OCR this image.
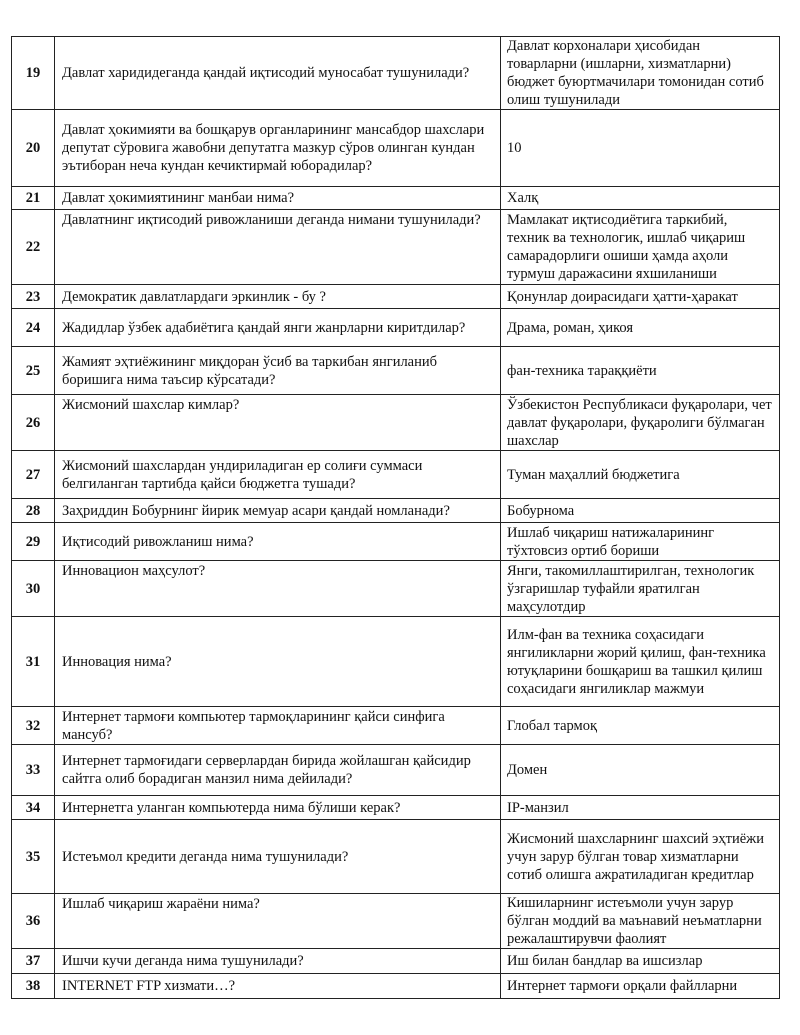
19	Давлат харидидеганда қандай иқтисодий муносабат тушунилади?	Давлат корхоналари ҳисобидан товарларни (ишларни, хизматларни) бюджет буюртмачилари томонидан сотиб олиш тушунилади
20	Давлат ҳокимияти ва бошқарув органларининг мансабдор шахслари депутат сўровига жавобни депутатга мазкур сўров олинган кундан эътиборан неча кундан кечиктирмай юборадилар?	10
21	Давлат ҳокимиятининг манбаи нима?	Халқ
22	Давлатнинг иқтисодий ривожланиши деганда нимани тушунилади?	Мамлакат иқтисодиётига таркибий, техник ва технологик, ишлаб чиқариш самарадорлиги ошиши ҳамда аҳоли турмуш даражасини яхшиланиши
23	Демократик давлатлардаги эркинлик - бу ?	Қонунлар доирасидаги ҳатти-ҳаракат
24	Жадидлар ўзбек адабиётига қандай янги жанрларни киритдилар?	Драма, роман, ҳикоя
25	Жамият эҳтиёжининг миқдоран ўсиб ва таркибан янгиланиб боришига нима таъсир кўрсатади?	фан-техника тараққиёти
26	Жисмоний шахслар кимлар?	Ўзбекистон Республикаси фуқаролари, чет давлат фуқаролари, фуқаролиги бўлмаган шахслар
27	Жисмоний шахслардан ундириладиган ер солиғи суммаси белгиланган тартибда қайси бюджетга тушади?	Туман маҳаллий бюджетига
28	Заҳриддин Бобурнинг йирик мемуар асари қандай номланади?	Бобурнома
29	Иқтисодий ривожланиш нима?	Ишлаб чиқариш натижаларининг тўхтовсиз ортиб бориши
30	Инновацион маҳсулот?	Янги, такомиллаштирилган, технологик ўзгаришлар туфайли яратилган маҳсулотдир
31	Инновация нима?	Илм-фан ва техника соҳасидаги янгиликларни жорий қилиш, фан-техника ютуқларини бошқариш ва ташкил қилиш соҳасидаги янгиликлар мажмуи
32	Интернет тармоғи компьютер тармоқларининг қайси синфига мансуб?	Глобал тармоқ
33	Интернет тармоғидаги серверлардан бирида жойлашган қайсидир сайтга олиб борадиган манзил нима дейилади?	Домен
34	Интернетга уланган компьютерда нима бўлиши керак?	IP-манзил
35	Истеъмол кредити деганда нима тушунилади?	Жисмоний шахсларнинг шахсий эҳтиёжи учун зарур бўлган товар хизматларни сотиб олишга ажратиладиган кредитлар
36	Ишлаб чиқариш жараёни нима?	Кишиларнинг истеъмоли учун зарур бўлган моддий ва маънавий неъматларни режалаштирувчи фаолият
37	Ишчи кучи деганда нима тушунилади?	Иш билан бандлар ва ишсизлар
38	INTERNET FTP хизмати…?	Интернет тармоғи орқали файлларни
